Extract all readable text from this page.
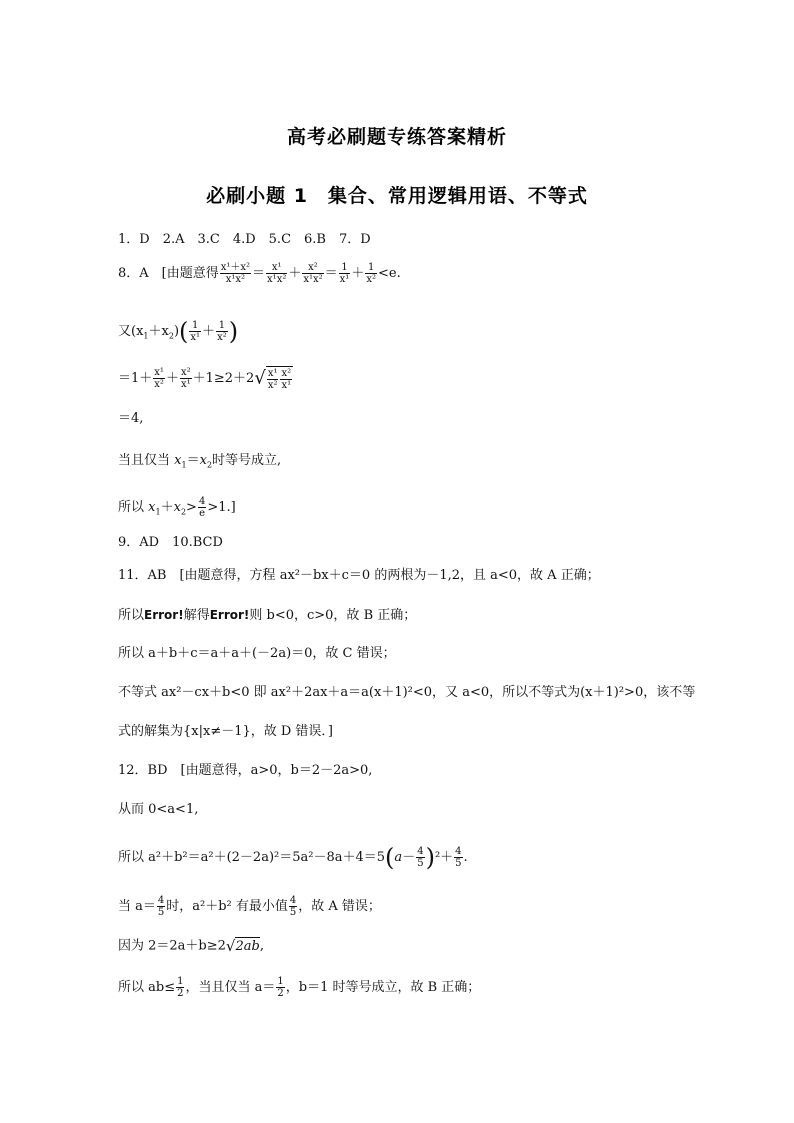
高考必刷题专练答案精析
必刷小题 1　集合、常用逻辑用语、不等式
1．D　2.A　3.C　4.D　5.C　6.B　7．D
8．A　[由题意得 $\frac{\text{x¹＋x²}}{\text{x¹x²}} = \frac{\text{x¹}}{\text{x¹x²}} + \frac{\text{x²}}{\text{x¹x²}} = \frac{1}{\text{x¹}} + \frac{1}{\text{x²}} <e$.
又$(x_1+x_2)( \frac{1}{\text{x¹}} + \frac{1}{\text{x²}}$ )
$=1+ \frac{\text{x¹}}{\text{x²}} + \frac{\text{x²}}{\text{x¹}} +1\ge 2+2√ \frac{\text{x¹}}{\text{x²}} \frac{\text{x²}}{\text{x¹}}$
＝4,
当且仅当 $x_1=x_2$时等号成立,
所以 $x_1+x_2> \frac{4}{e} >1$.]
9．AD　10.BCD
11．AB　[由题意得，方程 ax²－bx＋c＝0 的两根为－1,2，且 a<0，故 A 正确；
所以Error!解得Error!则 b<0，c>0，故 B 正确；
所以 a＋b＋c＝a＋a＋(－2a)＝0，故 C 错误；
不等式 ax²－cx＋b<0 即 ax²＋2ax＋a＝a(x＋1)²<0，又 a<0，所以不等式为(x＋1)²>0，该不等
式的解集为{x|x≠－1}，故 D 错误．]
12．BD　[由题意得，a>0，b＝2－2a>0,
从而 0<a<1,
所以 $a^2+b^2=a^2+(2-2a)^2=5a^2-8a+4=5(a- \frac{4}{5} )^2+ \frac{4}{5}$ .
当 $a= \frac{4}{5}$ 时，a²＋b² 有最小值 $\frac{4}{5}$ ，故 A 错误；
因为 2＝2a＋b≥2√2ab,
所以 $ab\le \frac{1}{2}$ ，当且仅当 $a= \frac{1}{2}$ ，b＝1 时等号成立，故 B 正确；
